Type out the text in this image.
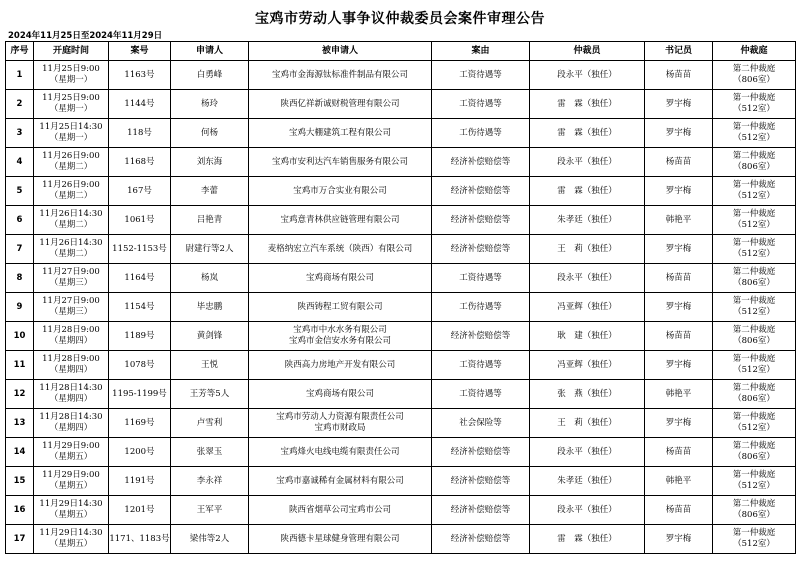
宝鸡市劳动人事争议仲裁委员会案件审理公告
2024年11月25日至2024年11月29日
序号	开庭时间	案号	申请人	被申请人	案由	仲裁员	书记员	仲裁庭
1	11月25日9:00
（星期一）	1163号	白勇峰	宝鸡市金海源钛标准件制品有限公司	工资待遇等	段永平（独任）	杨苗苗	第二仲裁庭
（806室）

2	11月25日9:00
（星期一）	1144号	杨玲	陕西亿祥新诚财税管理有限公司	工资待遇等	雷　霖（独任）	罗宇梅	第一仲裁庭
（512室）

3	11月25日14:30
（星期一）	118号	何杨	宝鸡大棚建筑工程有限公司	工伤待遇等	雷　霖（独任）	罗宇梅	第一仲裁庭
（512室）

4	11月26日9:00
（星期二）	1168号	刘东海	宝鸡市安利达汽车销售服务有限公司	经济补偿赔偿等	段永平（独任）	杨苗苗	第二仲裁庭
（806室）

5	11月26日9:00
（星期二）	167号	李蕾	宝鸡市万合实业有限公司	经济补偿赔偿等	雷　霖（独任）	罗宇梅	第一仲裁庭
（512室）

6	11月26日14:30
（星期二）	1061号	吕艳青	宝鸡意青林供应链管理有限公司	经济补偿赔偿等	朱孝廷（独任）	韩艳平	第一仲裁庭
（512室）

7	11月26日14:30
（星期二）	1152-1153号	尉建行等2人	麦格纳宏立汽车系统（陕西）有限公司	经济补偿赔偿等	王　莉（独任）	罗宇梅	第一仲裁庭
（512室）

8	11月27日9:00
（星期三）	1164号	杨岚	宝鸡商场有限公司	工资待遇等	段永平（独任）	杨苗苗	第二仲裁庭
（806室）

9	11月27日9:00
（星期三）	1154号	毕忠鹏	陕西铸程工贸有限公司	工伤待遇等	冯亚辉（独任）	罗宇梅	第一仲裁庭
（512室）

10	11月28日9:00
（星期四）	1189号	黄剑锋	宝鸡市中水水务有限公司
宝鸡市金信安水务有限公司	经济补偿赔偿等	耿　建（独任）	杨苗苗	第二仲裁庭
（806室）

11	11月28日9:00
（星期四）	1078号	王悦	陕西高力房地产开发有限公司	工资待遇等	冯亚辉（独任）	罗宇梅	第一仲裁庭
（512室）

12	11月28日14:30
（星期四）	1195-1199号	王芳等5人	宝鸡商场有限公司	工资待遇等	张　燕（独任）	韩艳平	第二仲裁庭
（806室）

13	11月28日14:30
（星期四）	1169号	卢雪利	宝鸡市劳动人力资源有限责任公司
宝鸡市财政局	社会保险等	王　莉（独任）	罗宇梅	第一仲裁庭
（512室）

14	11月29日9:00
（星期五）	1200号	张翠玉	宝鸡烽火电线电缆有限责任公司	经济补偿赔偿等	段永平（独任）	杨苗苗	第二仲裁庭
（806室）

15	11月29日9:00
（星期五）	1191号	李永祥	宝鸡市嘉诚稀有金属材料有限公司	经济补偿赔偿等	朱孝廷（独任）	韩艳平	第一仲裁庭
（512室）

16	11月29日14:30
（星期五）	1201号	王军平	陕西省烟草公司宝鸡市公司	经济补偿赔偿等	段永平（独任）	杨苗苗	第二仲裁庭
（806室）

17	11月29日14:30
（星期五）	1171、1183号	梁伟等2人	陕西德卡星球健身管理有限公司	经济补偿赔偿等	雷　霖（独任）	罗宇梅	第一仲裁庭
（512室）
